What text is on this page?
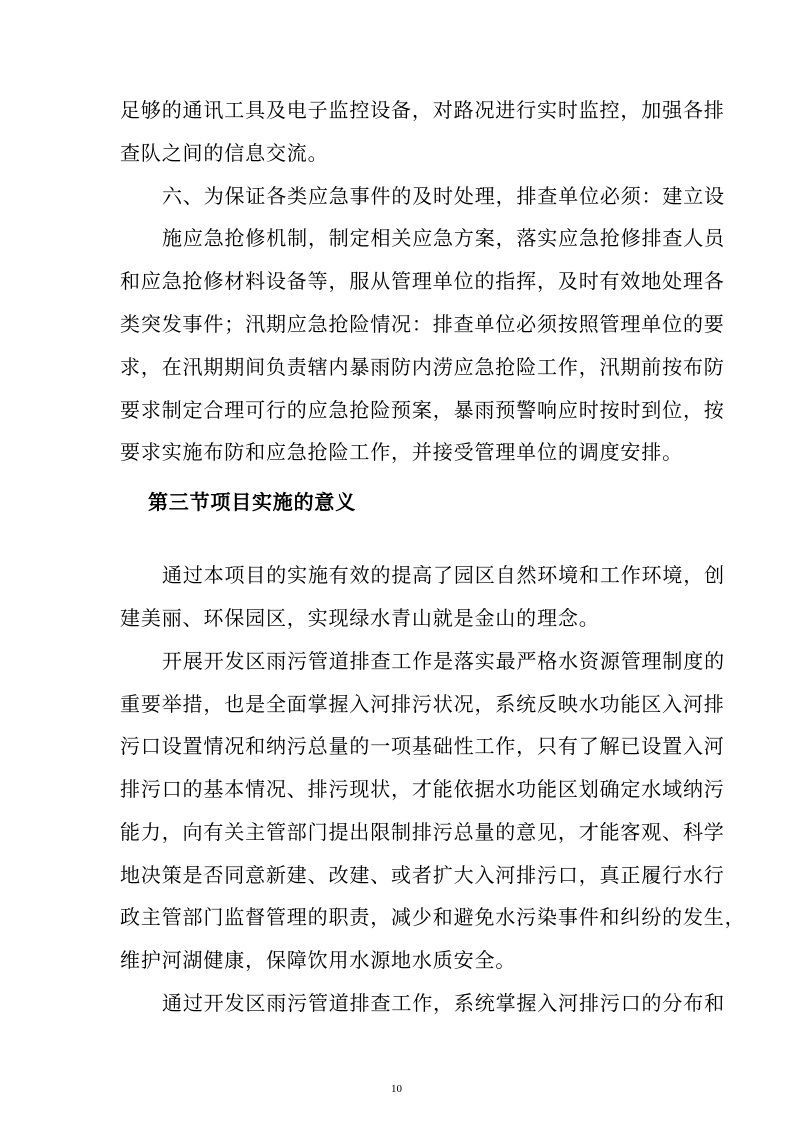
足够的通讯工具及电子监控设备，对路况进行实时监控，加强各排
查队之间的信息交流。
六、为保证各类应急事件的及时处理，排查单位必须：建立设
施应急抢修机制，制定相关应急方案，落实应急抢修排查人员
和应急抢修材料设备等，服从管理单位的指挥，及时有效地处理各
类突发事件；汛期应急抢险情况：排查单位必须按照管理单位的要
求，在汛期期间负责辖内暴雨防内涝应急抢险工作，汛期前按布防
要求制定合理可行的应急抢险预案，暴雨预警响应时按时到位，按
要求实施布防和应急抢险工作，并接受管理单位的调度安排。
第三节项目实施的意义
通过本项目的实施有效的提高了园区自然环境和工作环境，创
建美丽、环保园区，实现绿水青山就是金山的理念。
开展开发区雨污管道排查工作是落实最严格水资源管理制度的
重要举措，也是全面掌握入河排污状况，系统反映水功能区入河排
污口设置情况和纳污总量的一项基础性工作，只有了解已设置入河
排污口的基本情况、排污现状，才能依据水功能区划确定水域纳污
能力，向有关主管部门提出限制排污总量的意见，才能客观、科学
地决策是否同意新建、改建、或者扩大入河排污口，真正履行水行
政主管部门监督管理的职责，减少和避免水污染事件和纠纷的发生，
维护河湖健康，保障饮用水源地水质安全。
通过开发区雨污管道排查工作，系统掌握入河排污口的分布和
10
